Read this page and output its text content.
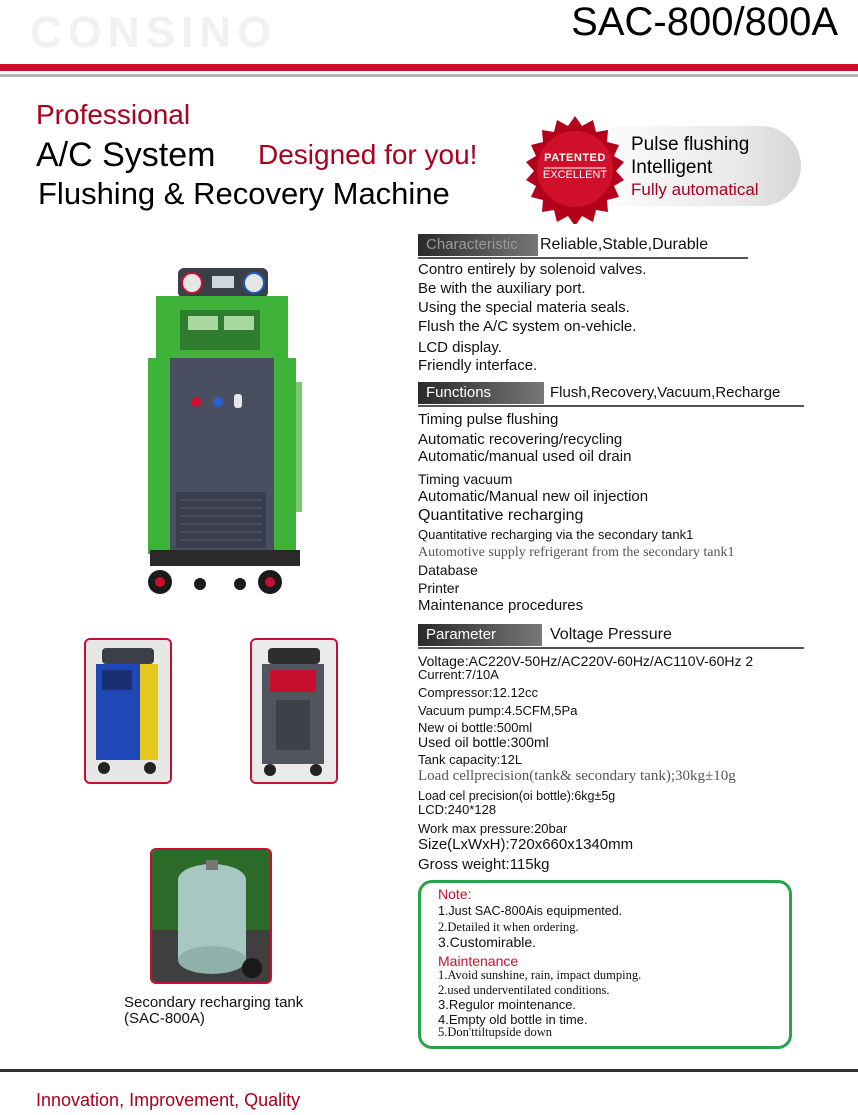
CONSINO	SAC-800/800A
Professional
A/C System Designed for you!
Flushing & Recovery Machine
Pulse flushing
Intelligent
Fully automatical
PATENTED
EXCELLENT
Secondary recharging tank
(SAC-800A)
Characteristic Reliable,Stable,Durable
Contro entirely by solenoid valves.
Be with the auxiliary port.
Using the special materia seals.
Flush the A/C system on-vehicle.
LCD display.
Friendly interface.
Functions	Flush,Recovery,Vacuum,Recharge
Timing pulse flushing
Automatic recovering/recycling
Automatic/manual used oil drain
Timing vacuum
Automatic/Manual new oil injection
Quantitative recharging
Quantitative recharging via the secondary tank1
Automotive supply refrigerant from the secondary tank1
Database
Printer
Maintenance procedures
Parameter	Voltage Pressure
Voltage:AC220V-50Hz/AC220V-60Hz/AC110V-60Hz 2
Current:7/10A
Compressor:12.12cc
Vacuum pump:4.5CFM,5Pa
New oi bottle:500ml
Used oil bottle:300ml
Tank capacity:12L
Load cellprecision(tank& secondary tank);30kg±10g
Load cel precision(oi bottle):6kg±5g
LCD:240*128
Work max pressure:20bar
Size(LxWxH):720x660x1340mm
Gross weight:115kg
Note:
1.Just SAC-800Ais equipmented.
2.Detailed it when ordering.
3.Customirable.
Maintenance
1.Avoid sunshine, rain, impact dumping.
2.used underventilated conditions.
3.Regulor mointenance.
4.Empty old bottle in time.
5.Don'ttiltupside down
Innovation, Improvement, Quality
